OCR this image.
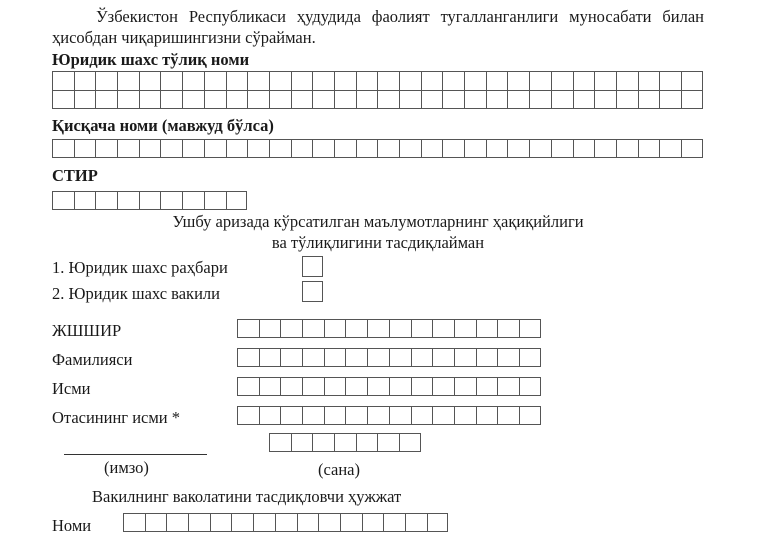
Ўзбекистон Республикаси ҳудудида фаолият тугалланганлиги муносабати билан ҳисобдан чиқаришингизни сўрайман.
Юридик шахс тўлиқ номи
Қисқача номи (мавжуд бўлса)
СТИР
Ушбу аризада кўрсатилган маълумотларнинг ҳақиқийлиги
ва тўлиқлигини тасдиқлайман
1. Юридик шахс раҳбари
2. Юридик шахс вакили
ЖШШИР
Фамилияси
Исми
Отасининг исми *
(имзо)	(сана)
Вакилнинг ваколатини тасдиқловчи ҳужжат
Номи
